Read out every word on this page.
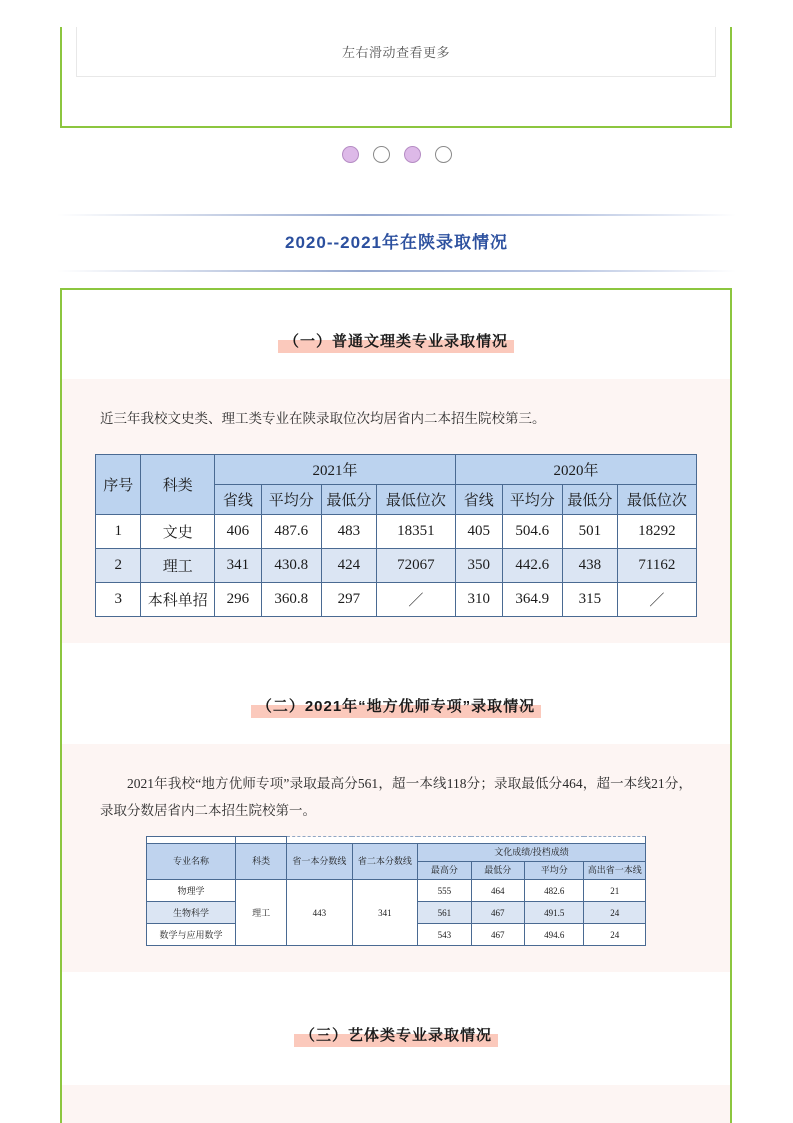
左右滑动查看更多
2020--2021年在陕录取情况
（一）普通文理类专业录取情况

近三年我校文史类、理工类专业在陕录取位次均居省内二本招生院校第三。

序号	科类	2021年				2020年			
		省线	平均分	最低分	最低位次	省线	平均分	最低分	最低位次
1	文史	406	487.6	483	18351	405	504.6	501	18292
2	理工	341	430.8	424	72067	350	442.6	438	71162
3	本科单招	296	360.8	297	／	310	364.9	315	／
（二）2021年“地方优师专项”录取情况

2021年我校“地方优师专项”录取最高分561，超一本线118分；录取最低分464，超一本线21分，录取分数居省内二本招生院校第一。

专业名称	科类	省一本分数线	省二本分数线	文化成绩/投档成绩			
				最高分	最低分	平均分	高出省一本线
物理学	理工	443	341	555	464	482.6	21
生物科学				561	467	491.5	24
数学与应用数学				543	467	494.6	24
（三）艺体类专业录取情况
